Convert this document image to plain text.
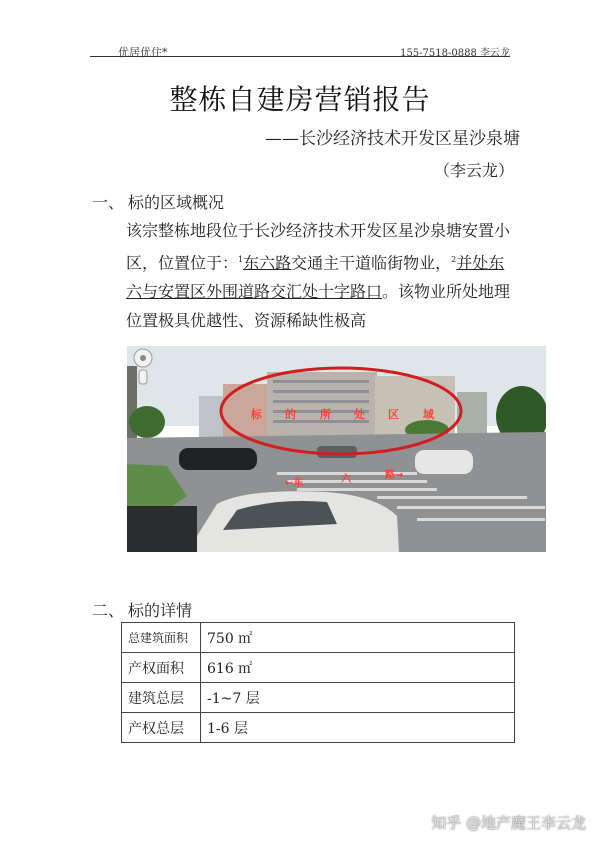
优居优住*	155-7518-0888 李云龙
整栋自建房营销报告
——长沙经济技术开发区星沙泉塘
（李云龙）
一、 标的区域概况
该宗整栋地段位于长沙经济技术开发区星沙泉塘安置小区，位置位于：$^1$东六路交通主干道临街物业，$^2$并处东六与安置区外围道路交汇处十字路口。该物业所处地理位置极具优越性、资源稀缺性极高
标 的 所 处 区 域
←东	六	路→
二、 标的详情
总建筑面积	750 ㎡
产权面积	616 ㎡
建筑总层	-1~7 层
产权总层	1-6 层
知乎 @地产魔王李云龙
